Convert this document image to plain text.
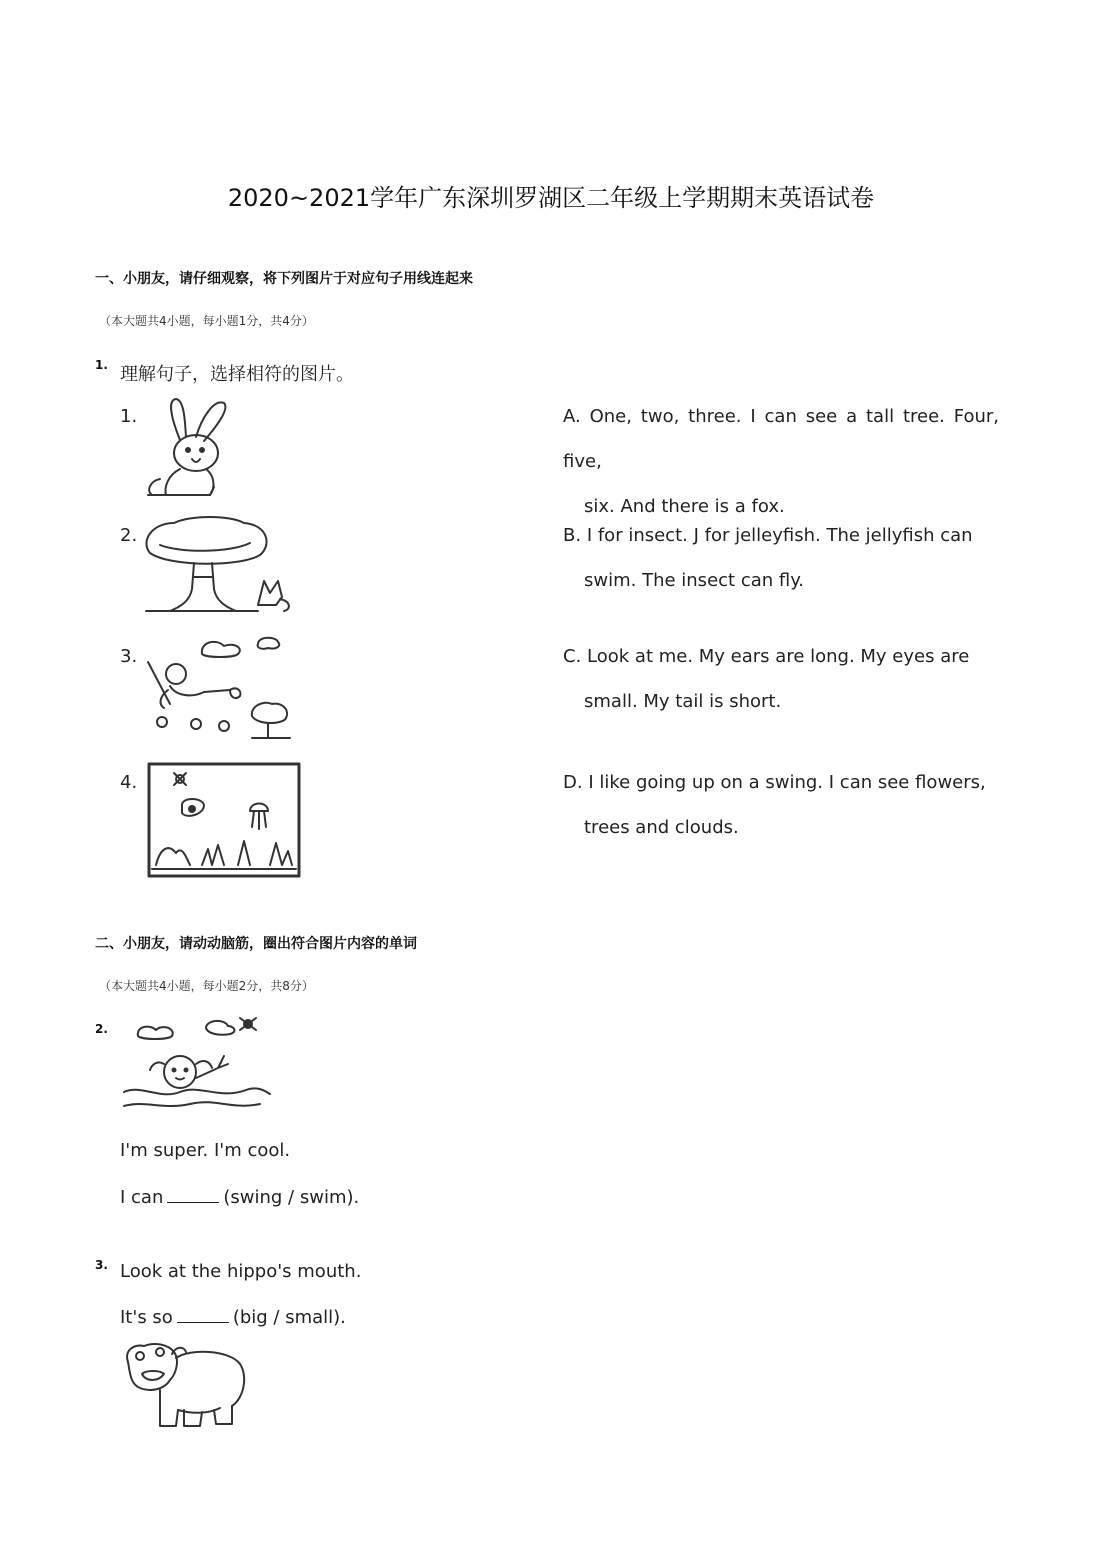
2020~2021学年广东深圳罗湖区二年级上学期期末英语试卷
一、小朋友，请仔细观察，将下列图片于对应句子用线连起来
（本大题共4小题，每小题1分，共4分）
1. 理解句子，选择相符的图片。
1.
2.
3.
4.
A. One, two, three. I can see a tall tree. Four, five,
six. And there is a fox.
B. I for insect. J for jelleyfish. The jellyfish can
swim. The insect can fly.
C. Look at me. My ears are long. My eyes are
small. My tail is short.
D. I like going up on a swing. I can see flowers,
trees and clouds.
二、小朋友，请动动脑筋，圈出符合图片内容的单词
（本大题共4小题，每小题2分，共8分）
2.
I'm super. I'm cool.
I can	(swing / swim).
3. Look at the hippo's mouth.
It's so	(big / small).
